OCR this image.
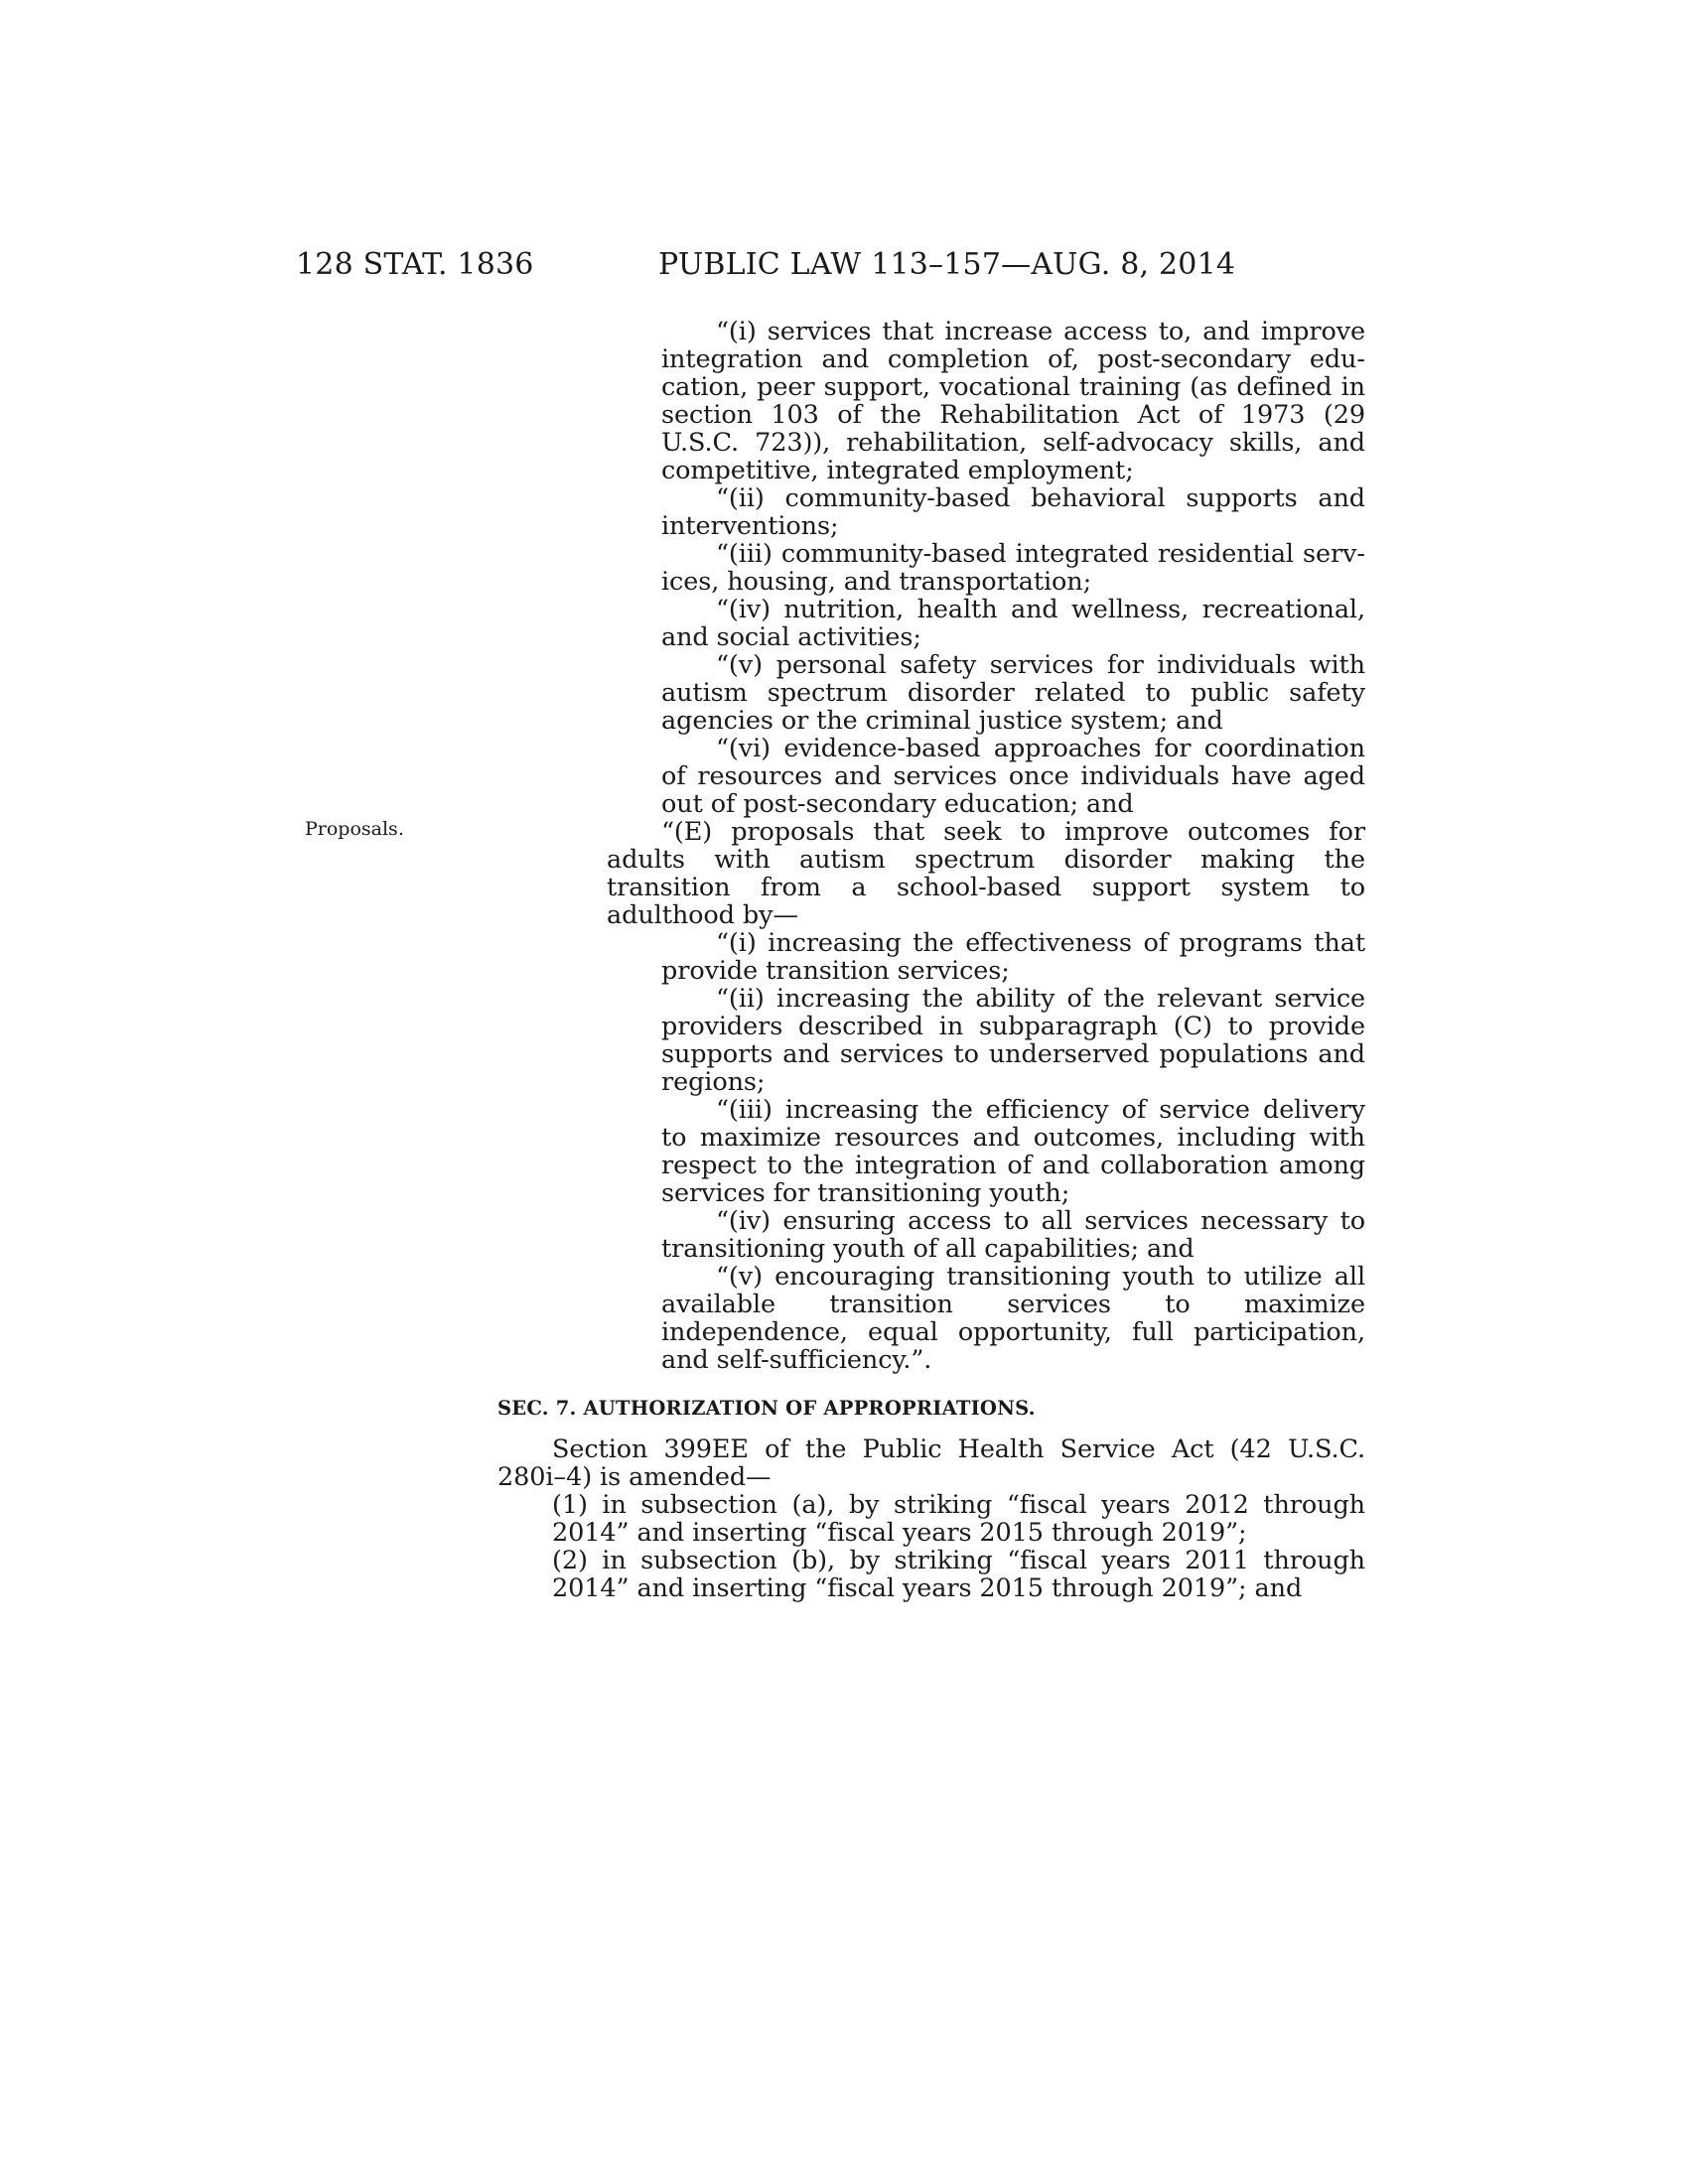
128 STAT. 1836	PUBLIC LAW 113–157—AUG. 8, 2014
Proposals.

“(i) services that increase access to, and improve integration and completion of, post-secondary education, peer support, vocational training (as defined in section 103 of the Rehabilitation Act of 1973 (29 U.S.C. 723)), rehabilitation, self-advocacy skills, and competitive, integrated employment;

“(ii) community-based behavioral supports and interventions;

“(iii) community-based integrated residential services, housing, and transportation;

“(iv) nutrition, health and wellness, recreational, and social activities;

“(v) personal safety services for individuals with autism spectrum disorder related to public safety agencies or the criminal justice system; and

“(vi) evidence-based approaches for coordination of resources and services once individuals have aged out of post-secondary education; and

“(E) proposals that seek to improve outcomes for adults with autism spectrum disorder making the transition from a school-based support system to adulthood by—

“(i) increasing the effectiveness of programs that provide transition services;

“(ii) increasing the ability of the relevant service providers described in subparagraph (C) to provide supports and services to underserved populations and regions;

“(iii) increasing the efficiency of service delivery to maximize resources and outcomes, including with respect to the integration of and collaboration among services for transitioning youth;

“(iv) ensuring access to all services necessary to transitioning youth of all capabilities; and

“(v) encouraging transitioning youth to utilize all available transition services to maximize independence, equal opportunity, full participation, and self-sufficiency.”.

SEC. 7. AUTHORIZATION OF APPROPRIATIONS.

Section 399EE of the Public Health Service Act (42 U.S.C. 280i–4) is amended—

(1) in subsection (a), by striking “fiscal years 2012 through 2014” and inserting “fiscal years 2015 through 2019”;

(2) in subsection (b), by striking “fiscal years 2011 through 2014” and inserting “fiscal years 2015 through 2019”; and
